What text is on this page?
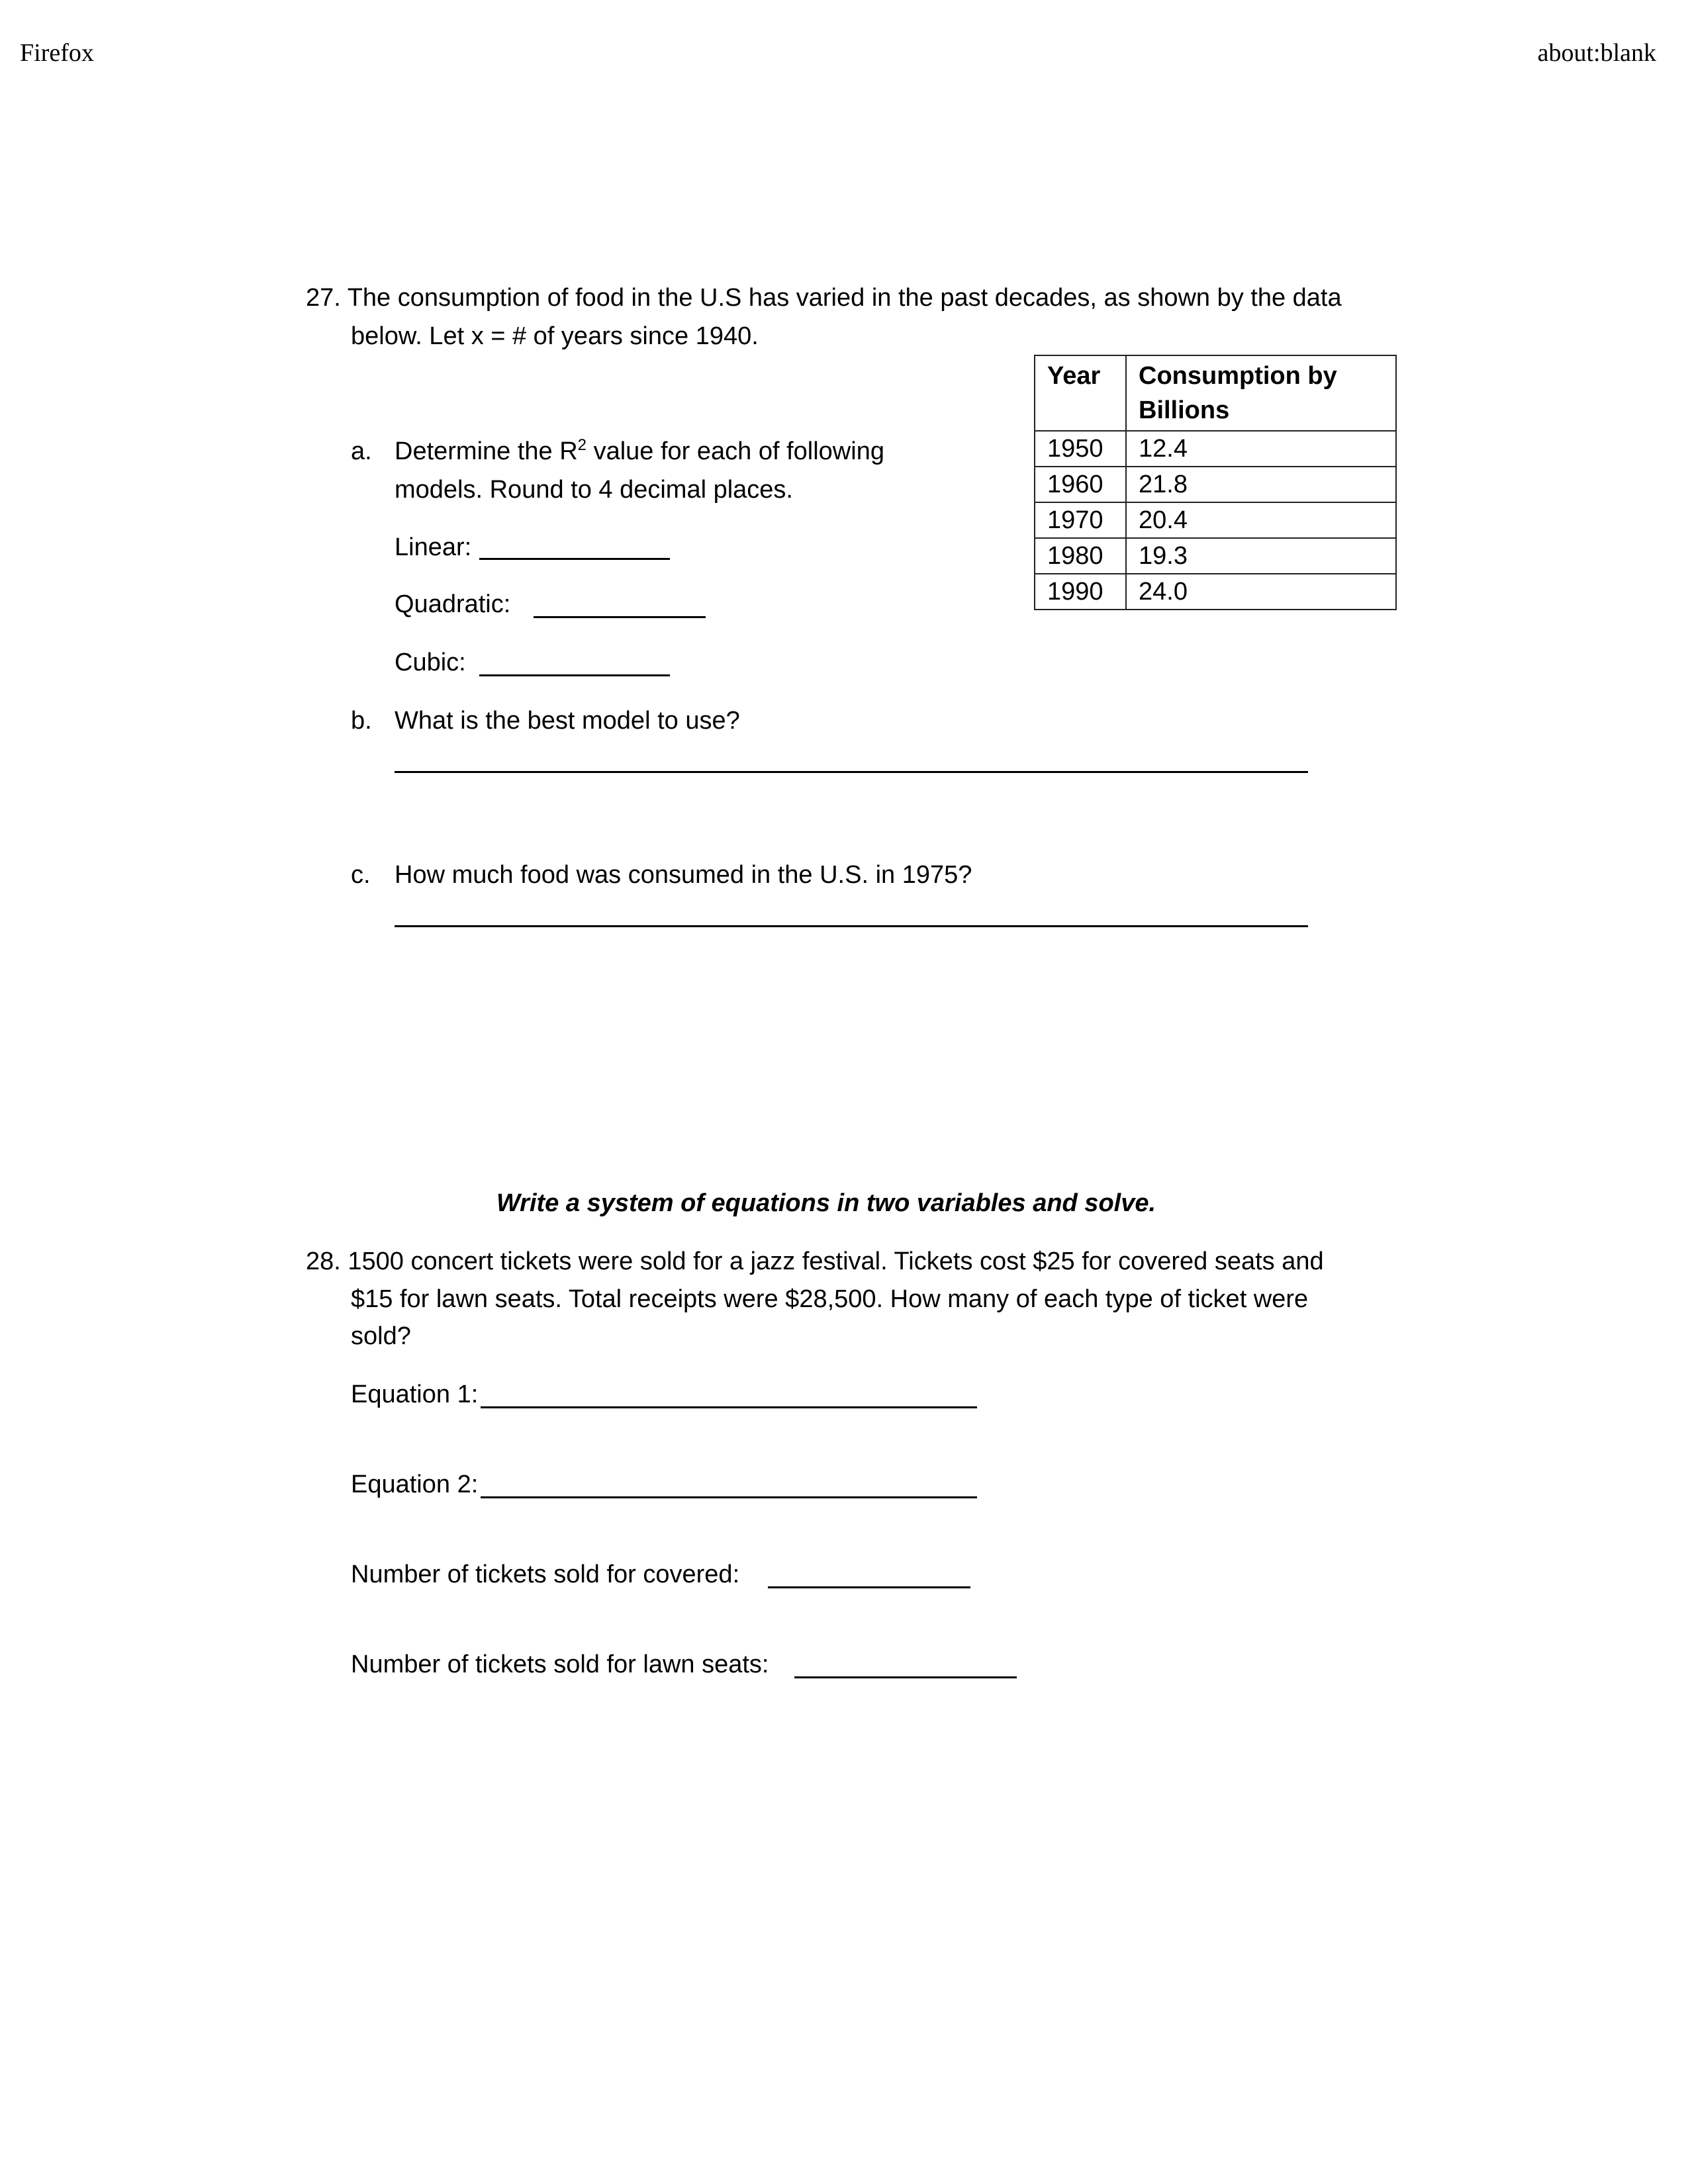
Firefox	about:blank
27. The consumption of food in the U.S has varied in the past decades, as shown by the data
below. Let x = # of years since 1940.
Year	Consumption by
Billions
1950	12.4
1960	21.8
1970	20.4
1980	19.3
1990	24.0
a. Determine the $R^2$ value for each of following
models. Round to 4 decimal places.
Linear:
Quadratic:
Cubic:
b. What is the best model to use?
c. How much food was consumed in the U.S. in 1975?
Write a system of equations in two variables and solve.
28. 1500 concert tickets were sold for a jazz festival. Tickets cost $25 for covered seats and
$15 for lawn seats. Total receipts were $28,500. How many of each type of ticket were
sold?
Equation 1:
Equation 2:
Number of tickets sold for covered:
Number of tickets sold for lawn seats:
